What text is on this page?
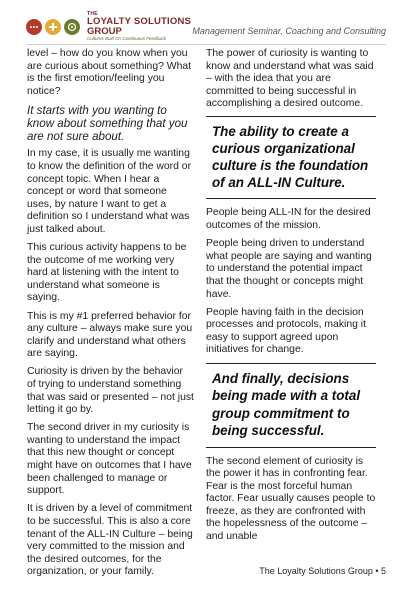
THE
LOYALTY SOLUTIONS
GROUP
Cultures Built On Continuous Feedback
Management Seminar, Coaching and Consulting

level – how do you know when you are curious about something? What is the first emotion/feeling you notice?

It starts with you wanting to know about something that you are not sure about.

In my case, it is usually me wanting to know the definition of the word or concept topic. When I hear a concept or word that someone uses, by nature I want to get a definition so I understand what was just talked about.

This curious activity happens to be the outcome of me working very hard at listening with the intent to understand what someone is saying.

This is my #1 preferred behavior for any culture – always make sure you clarify and understand what others are saying.

Curiosity is driven by the behavior of trying to understand something that was said or presented – not just letting it go by.

The second driver in my curiosity is wanting to understand the impact that this new thought or concept might have on outcomes that I have been challenged to manage or support.

It is driven by a level of commitment to be successful. This is also a core tenant of the ALL-IN Culture – being very committed to the mission and the desired outcomes, for the organization, or your family.

The power of curiosity is wanting to know and understand what was said – with the idea that you are committed to being successful in accomplishing a desired outcome.

The ability to create a curious organizational culture is the foundation of an ALL-IN Culture.

People being ALL-IN for the desired outcomes of the mission.

People being driven to understand what people are saying and wanting to understand the potential impact that the thought or concepts might have.

People having faith in the decision processes and protocols, making it easy to support agreed upon initiatives for change.

And finally, decisions being made with a total group commitment to being successful.

The second element of curiosity is the power it has in confronting fear. Fear is the most forceful human factor. Fear usually causes people to freeze, as they are confronted with the hopelessness of the outcome – and unable

The Loyalty Solutions Group • 5
